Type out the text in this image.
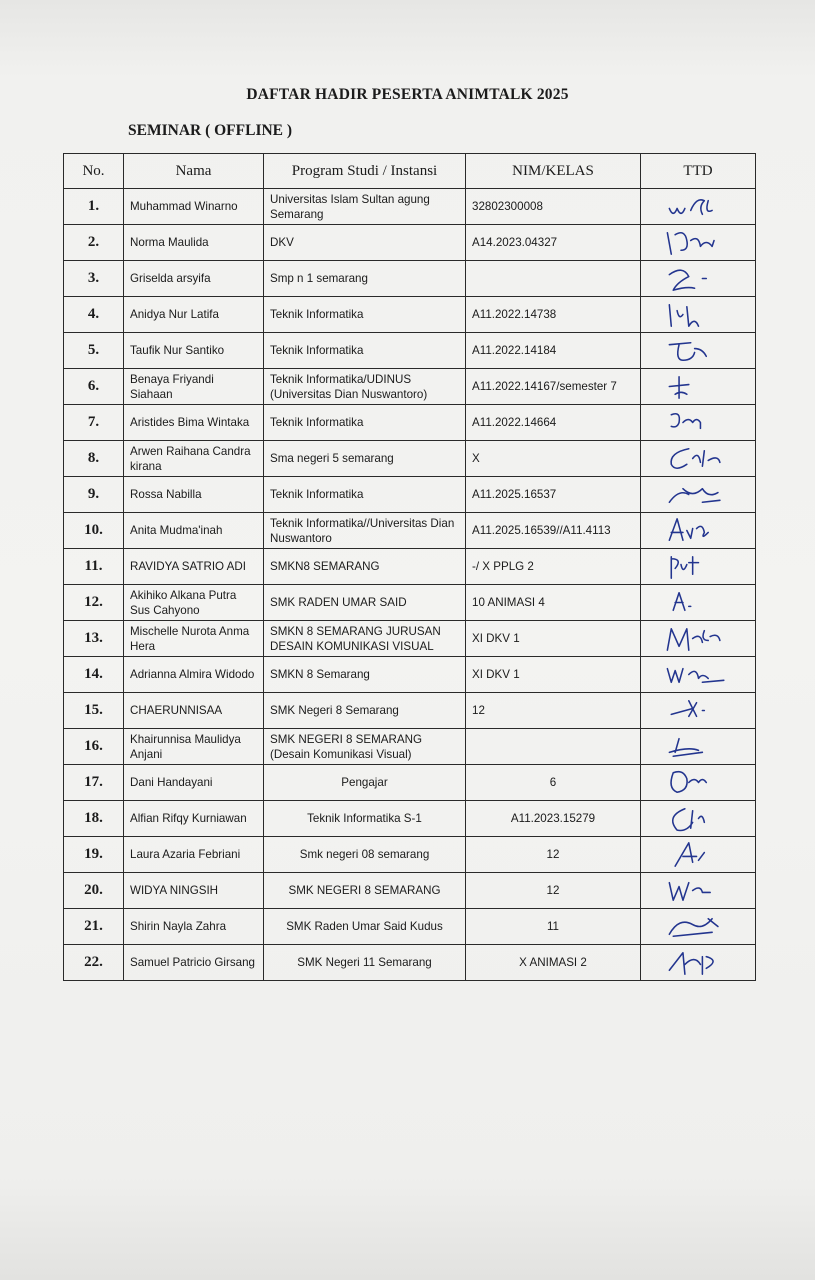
DAFTAR HADIR PESERTA ANIMTALK 2025
SEMINAR ( OFFLINE )
No.	Nama	Program Studi / Instansi	NIM/KELAS	TTD
1.	Muhammad Winarno	Universitas Islam Sultan agung Semarang	32802300008	

2.	Norma Maulida	DKV	A14.2023.04327	

3.	Griselda arsyifa	Smp n 1 semarang		

4.	Anidya Nur Latifa	Teknik Informatika	A11.2022.14738	

5.	Taufik Nur Santiko	Teknik Informatika	A11.2022.14184	

6.	Benaya Friyandi Siahaan	Teknik Informatika/UDINUS (Universitas Dian Nuswantoro)	A11.2022.14167/semester 7	

7.	Aristides Bima Wintaka	Teknik Informatika	A11.2022.14664	

8.	Arwen Raihana Candra kirana	Sma negeri 5 semarang	X	

9.	Rossa Nabilla	Teknik Informatika	A11.2025.16537	

10.	Anita Mudma'inah	Teknik Informatika//Universitas Dian Nuswantoro	A11.2025.16539//A11.4113	

11.	RAVIDYA SATRIO ADI	SMKN8 SEMARANG	-/ X PPLG 2	

12.	Akihiko Alkana Putra Sus Cahyono	SMK RADEN UMAR SAID	10 ANIMASI 4	

13.	Mischelle Nurota Anma Hera	SMKN 8 SEMARANG JURUSAN DESAIN KOMUNIKASI VISUAL	XI DKV 1	

14.	Adrianna Almira Widodo	SMKN 8 Semarang	XI DKV 1	

15.	CHAERUNNISAA	SMK Negeri 8 Semarang	12	

16.	Khairunnisa Maulidya Anjani	SMK NEGERI 8 SEMARANG (Desain Komunikasi Visual)		

17.	Dani Handayani	Pengajar	6	

18.	Alfian Rifqy Kurniawan	Teknik Informatika S-1	A11.2023.15279	

19.	Laura Azaria Febriani	Smk negeri 08 semarang	12	

20.	WIDYA NINGSIH	SMK NEGERI 8 SEMARANG	12	

21.	Shirin Nayla Zahra	SMK Raden Umar Said Kudus	11	

22.	Samuel Patricio Girsang	SMK Negeri 11 Semarang	X ANIMASI 2	
